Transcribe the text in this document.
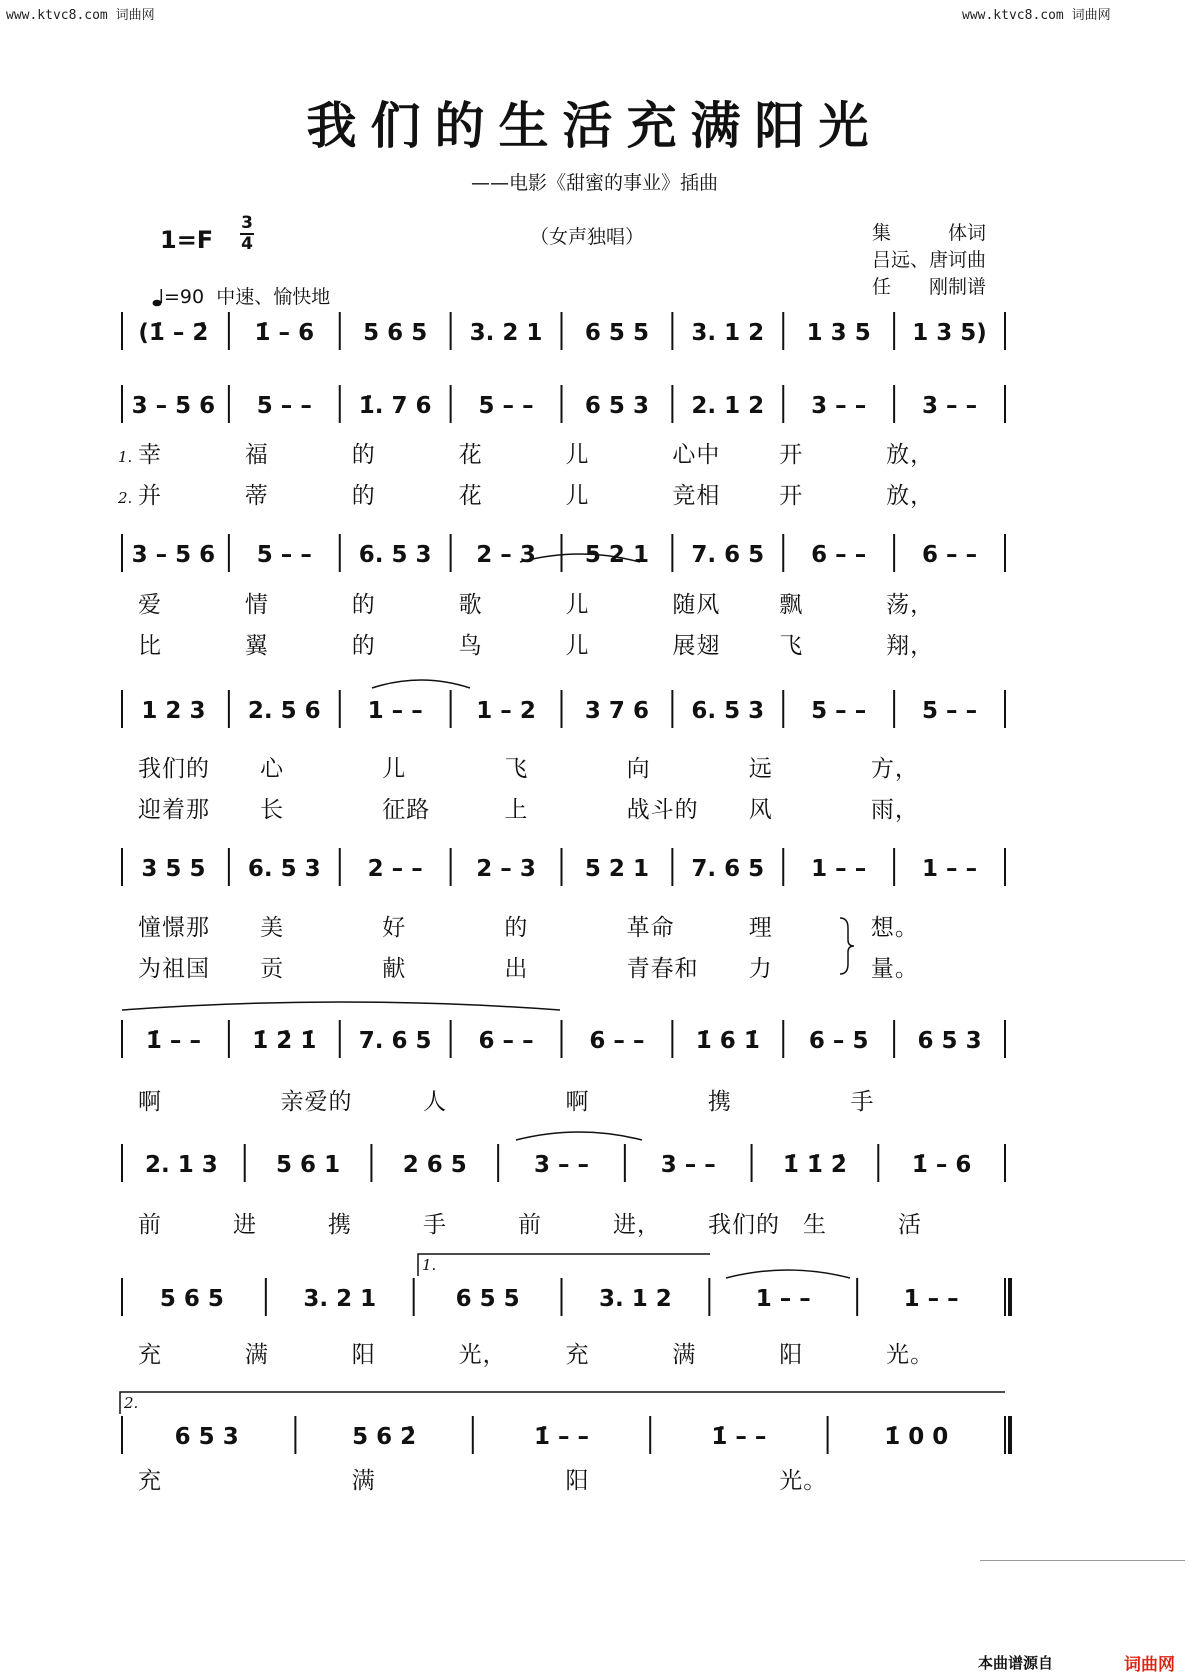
www.ktvc8.com 词曲网	www.ktvc8.com 词曲网
我们的生活充满阳光
——电影《甜蜜的事业》插曲
1=F
3
4	（女声独唱）	集　　　体词
吕远、唐诃曲
任　　刚制谱
=90 中速、愉快地
(1̇ – 2̇ 1̇ – 6 5 6 5 3. 2 1 6 5 5 3. 1 2 1 3 5 1 3 5)
3 – 5 6 5 – – 1̇. 7 6 5 – – 6 5 3 2. 1 2 3 – – 3 – –
1. 幸	福	的	花	儿	心中	开	放，
2. 并	蒂	的	花	儿	竞相	开	放，
3 – 5 6 5 – – 6. 5 3 2 – 3 5 2 1 7. 6 5 6 – – 6 – –
爱	情	的	歌	儿	随风	飘	荡，
比	翼	的	鸟	儿	展翅	飞	翔，
1 2 3 2. 5 6 1 – – 1 – 2 3 7 6 6. 5 3 5 – – 5 – –
我们的 心	儿	飞	向	远	方，
迎着那 长	征路	上	战斗的 风	雨，
3 5 5 6. 5 3 2 – – 2 – 3 5 2 1 7. 6 5 1 – – 1 – –
憧憬那 美	好	的	革命	理	想。
为祖国 贡	献	出	青春和 力	量。
1̇ – – 1̇ 2̇ 1̇ 7. 6 5 6 – – 6 – – 1̇ 6 1̇ 6 – 5 6 5 3
啊	亲爱的	人	啊	携	手
2. 1 3	5 6 1	2 6 5	3 – –	3 – –	1̇ 1̇ 2̇	1̇ – 6
前	进	携	手	前	进， 我们的 生	活
5 6 5	3. 2 1	6 5 5	3. 1 2	1 – –	1 – –
1.
充	满	阳	光，	充	满	阳	光。
6 5 3	5 6 2̇	1̇ – –	1̇ – –	1̇ 0 0
2.
充	满	阳	光。
本曲谱源自	词曲网
